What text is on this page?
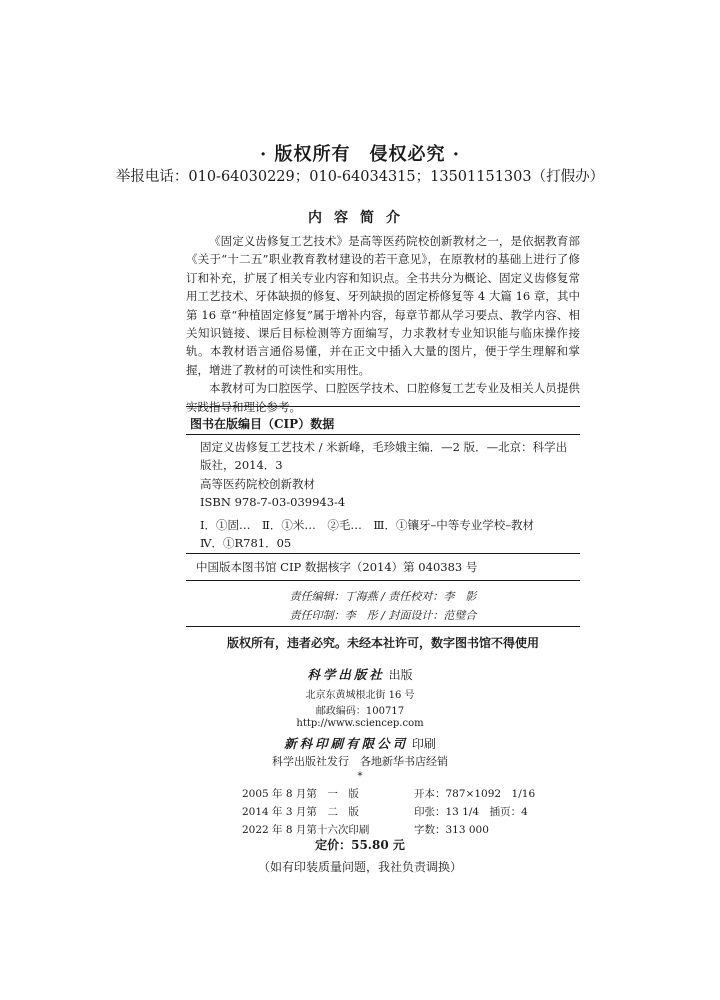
· 版权所有　侵权必究 ·
举报电话：010-64030229；010-64034315；13501151303（打假办）
内容简介

《固定义齿修复工艺技术》是高等医药院校创新教材之一，是依据教育部《关于“十二五”职业教育教材建设的若干意见》，在原教材的基础上进行了修订和补充，扩展了相关专业内容和知识点。全书共分为概论、固定义齿修复常用工艺技术、牙体缺损的修复、牙列缺损的固定桥修复等 4 大篇 16 章，其中第 16 章“种植固定修复”属于增补内容，每章节都从学习要点、教学内容、相关知识链接、课后目标检测等方面编写，力求教材专业知识能与临床操作接轨。本教材语言通俗易懂，并在正文中插入大量的图片，便于学生理解和掌握，增进了教材的可读性和实用性。

本教材可为口腔医学、口腔医学技术、口腔修复工艺专业及相关人员提供实践指导和理论参考。

图书在版编目（CIP）数据
固定义齿修复工艺技术 / 米新峰，毛珍娥主编．—2 版．—北京：科学出版社，2014．3
高等医药院校创新教材
ISBN 978-7-03-039943-4
Ⅰ．①固…　Ⅱ．①米…　②毛…　Ⅲ．①镶牙–中等专业学校–教材
Ⅳ．①R781．05
中国版本图书馆 CIP 数据核字（2014）第 040383 号
责任编辑：丁海燕 / 责任校对：李　影
责任印制：李　彤 / 封面设计：范璧合
版权所有，违者必究。未经本社许可，数字图书馆不得使用
科学出版社 出版
北京东黄城根北街 16 号
邮政编码：100717
http://www.sciencep.com
新科印刷有限公司 印刷
科学出版社发行　各地新华书店经销
*
2005 年 8 月第　一　版	开本：787×1092　1/16
2014 年 3 月第　二　版	印张：13 1/4　插页：4
2022 年 8 月第十六次印刷	字数：313 000
定价：55.80 元
（如有印装质量问题，我社负责调换）
